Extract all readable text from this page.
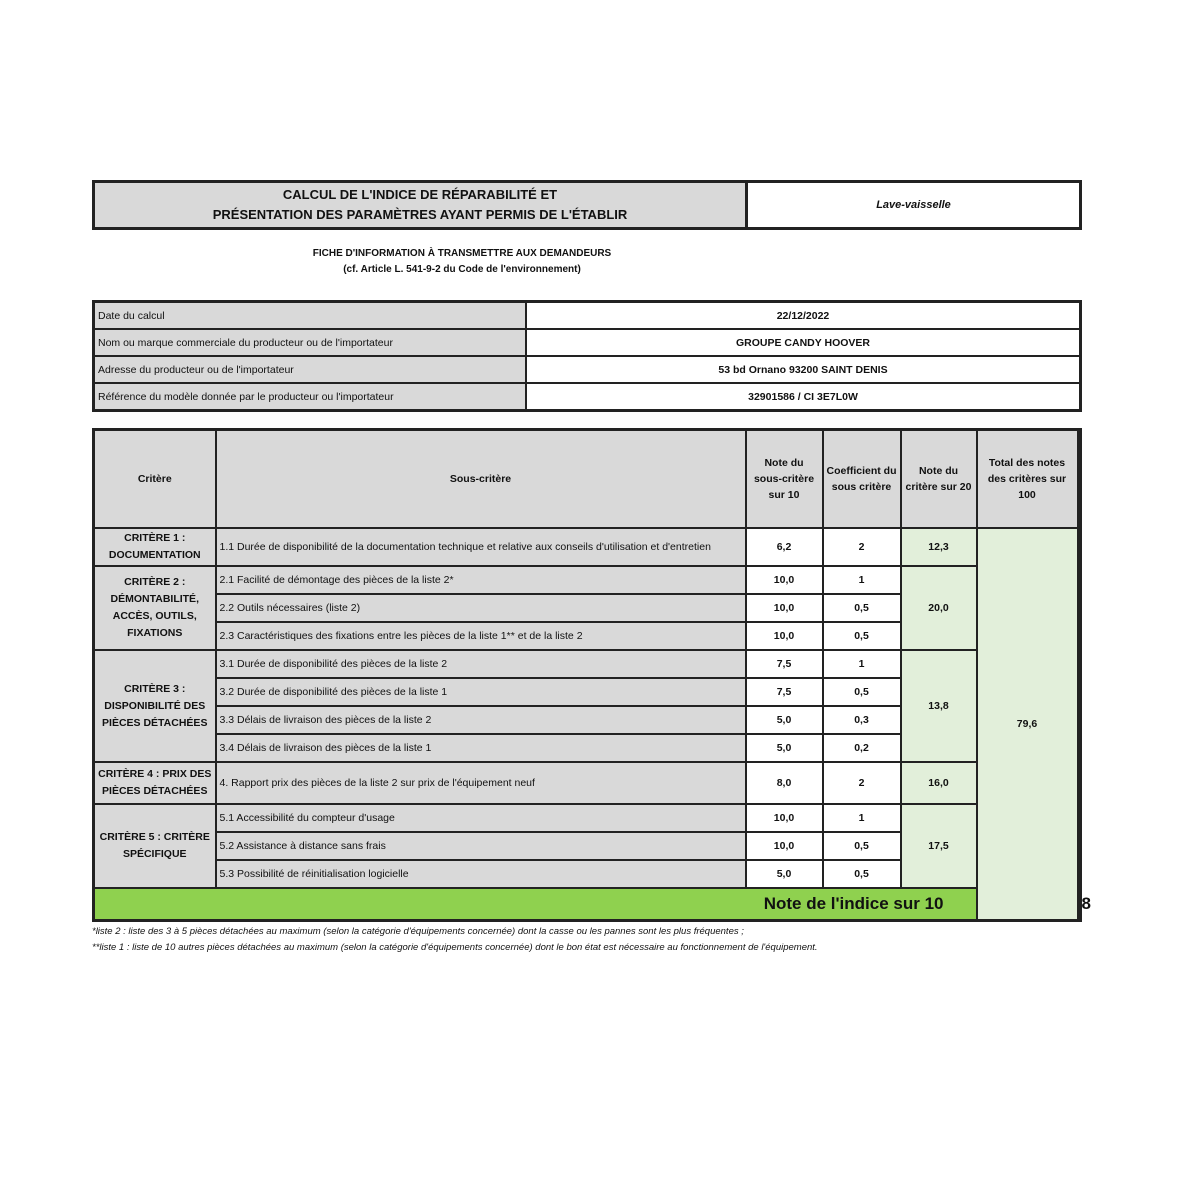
CALCUL DE L'INDICE DE RÉPARABILITÉ ET
PRÉSENTATION DES PARAMÈTRES AYANT PERMIS DE L'ÉTABLIR
Lave-vaisselle
FICHE D'INFORMATION À TRANSMETTRE AUX DEMANDEURS
(cf. Article L. 541-9-2 du Code de l'environnement)
Date du calcul	22/12/2022
Nom ou marque commerciale du producteur ou de l'importateur	GROUPE CANDY HOOVER
Adresse du producteur ou de l'importateur	53 bd Ornano 93200 SAINT DENIS
Référence du modèle donnée par le producteur ou l'importateur	32901586 / CI 3E7L0W
Critère	Sous-critère	Note du sous-critère sur 10	Coefficient du sous critère	Note du critère sur 20	Total des notes des critères sur 100	
CRITÈRE 1 : DOCUMENTATION	1.1 Durée de disponibilité de la documentation technique et relative aux conseils d'utilisation et d'entretien	6,2	2	12,3	79,6	
CRITÈRE 2 : DÉMONTABILITÉ, ACCÈS, OUTILS, FIXATIONS	2.1 Facilité de démontage des pièces de la liste 2*	10,0	1	20,0		
	2.2 Outils nécessaires (liste 2)	10,0	0,5			
	2.3 Caractéristiques des fixations entre les pièces de la liste 1** et de la liste 2	10,0	0,5			
CRITÈRE 3 : DISPONIBILITÉ DES PIÈCES DÉTACHÉES	3.1 Durée de disponibilité des pièces de la liste 2	7,5	1	13,8		
	3.2 Durée de disponibilité des pièces de la liste 1	7,5	0,5			
	3.3 Délais de livraison des pièces de la liste 2	5,0	0,3			
	3.4 Délais de livraison des pièces de la liste 1	5,0	0,2			
CRITÈRE 4 : PRIX DES PIÈCES DÉTACHÉES	4. Rapport prix des pièces de la liste 2 sur prix de l'équipement neuf	8,0	2	16,0		
CRITÈRE 5 : CRITÈRE SPÉCIFIQUE	5.1 Accessibilité du compteur d'usage	10,0	1	17,5		
	5.2 Assistance à distance sans frais	10,0	0,5			
	5.3 Possibilité de réinitialisation logicielle	5,0	0,5			
Note de l'indice sur 10						8
*liste 2 : liste des 3 à 5 pièces détachées au maximum (selon la catégorie d'équipements concernée) dont la casse ou les pannes sont les plus fréquentes ;
**liste 1 : liste de 10 autres pièces détachées au maximum (selon la catégorie d'équipements concernée) dont le bon état est nécessaire au fonctionnement de l'équipement.
